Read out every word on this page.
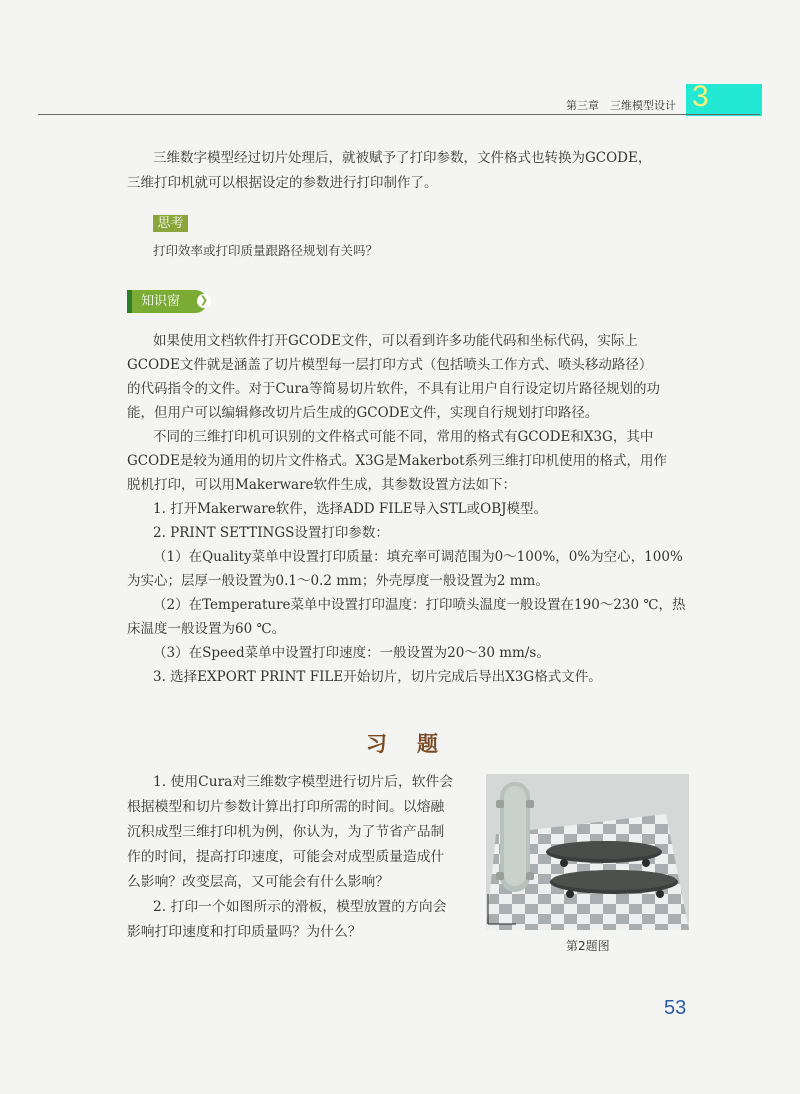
3
第三章　三维模型设计
三维数字模型经过切片处理后，就被赋予了打印参数，文件格式也转换为GCODE，
三维打印机就可以根据设定的参数进行打印制作了。
思考
打印效率或打印质量跟路径规划有关吗？
知识窗	❯
如果使用文档软件打开GCODE文件，可以看到许多功能代码和坐标代码，实际上
GCODE文件就是涵盖了切片模型每一层打印方式（包括喷头工作方式、喷头移动路径）
的代码指令的文件。对于Cura等简易切片软件，不具有让用户自行设定切片路径规划的功
能，但用户可以编辑修改切片后生成的GCODE文件，实现自行规划打印路径。
不同的三维打印机可识别的文件格式可能不同，常用的格式有GCODE和X3G，其中
GCODE是较为通用的切片文件格式。X3G是Makerbot系列三维打印机使用的格式，用作
脱机打印，可以用Makerware软件生成，其参数设置方法如下：
1. 打开Makerware软件，选择ADD FILE导入STL或OBJ模型。
2. PRINT SETTINGS设置打印参数：
（1）在Quality菜单中设置打印质量：填充率可调范围为0～100%，0%为空心，100%
为实心；层厚一般设置为0.1～0.2 mm；外壳厚度一般设置为2 mm。
（2）在Temperature菜单中设置打印温度：打印喷头温度一般设置在190～230 ℃，热
床温度一般设置为60 ℃。
（3）在Speed菜单中设置打印速度：一般设置为20～30 mm/s。
3. 选择EXPORT PRINT FILE开始切片，切片完成后导出X3G格式文件。
习题
1. 使用Cura对三维数字模型进行切片后，软件会
根据模型和切片参数计算出打印所需的时间。以熔融
沉积成型三维打印机为例，你认为，为了节省产品制
作的时间，提高打印速度，可能会对成型质量造成什
么影响？改变层高，又可能会有什么影响？
2. 打印一个如图所示的滑板，模型放置的方向会
影响打印速度和打印质量吗？为什么？
第2题图
53
